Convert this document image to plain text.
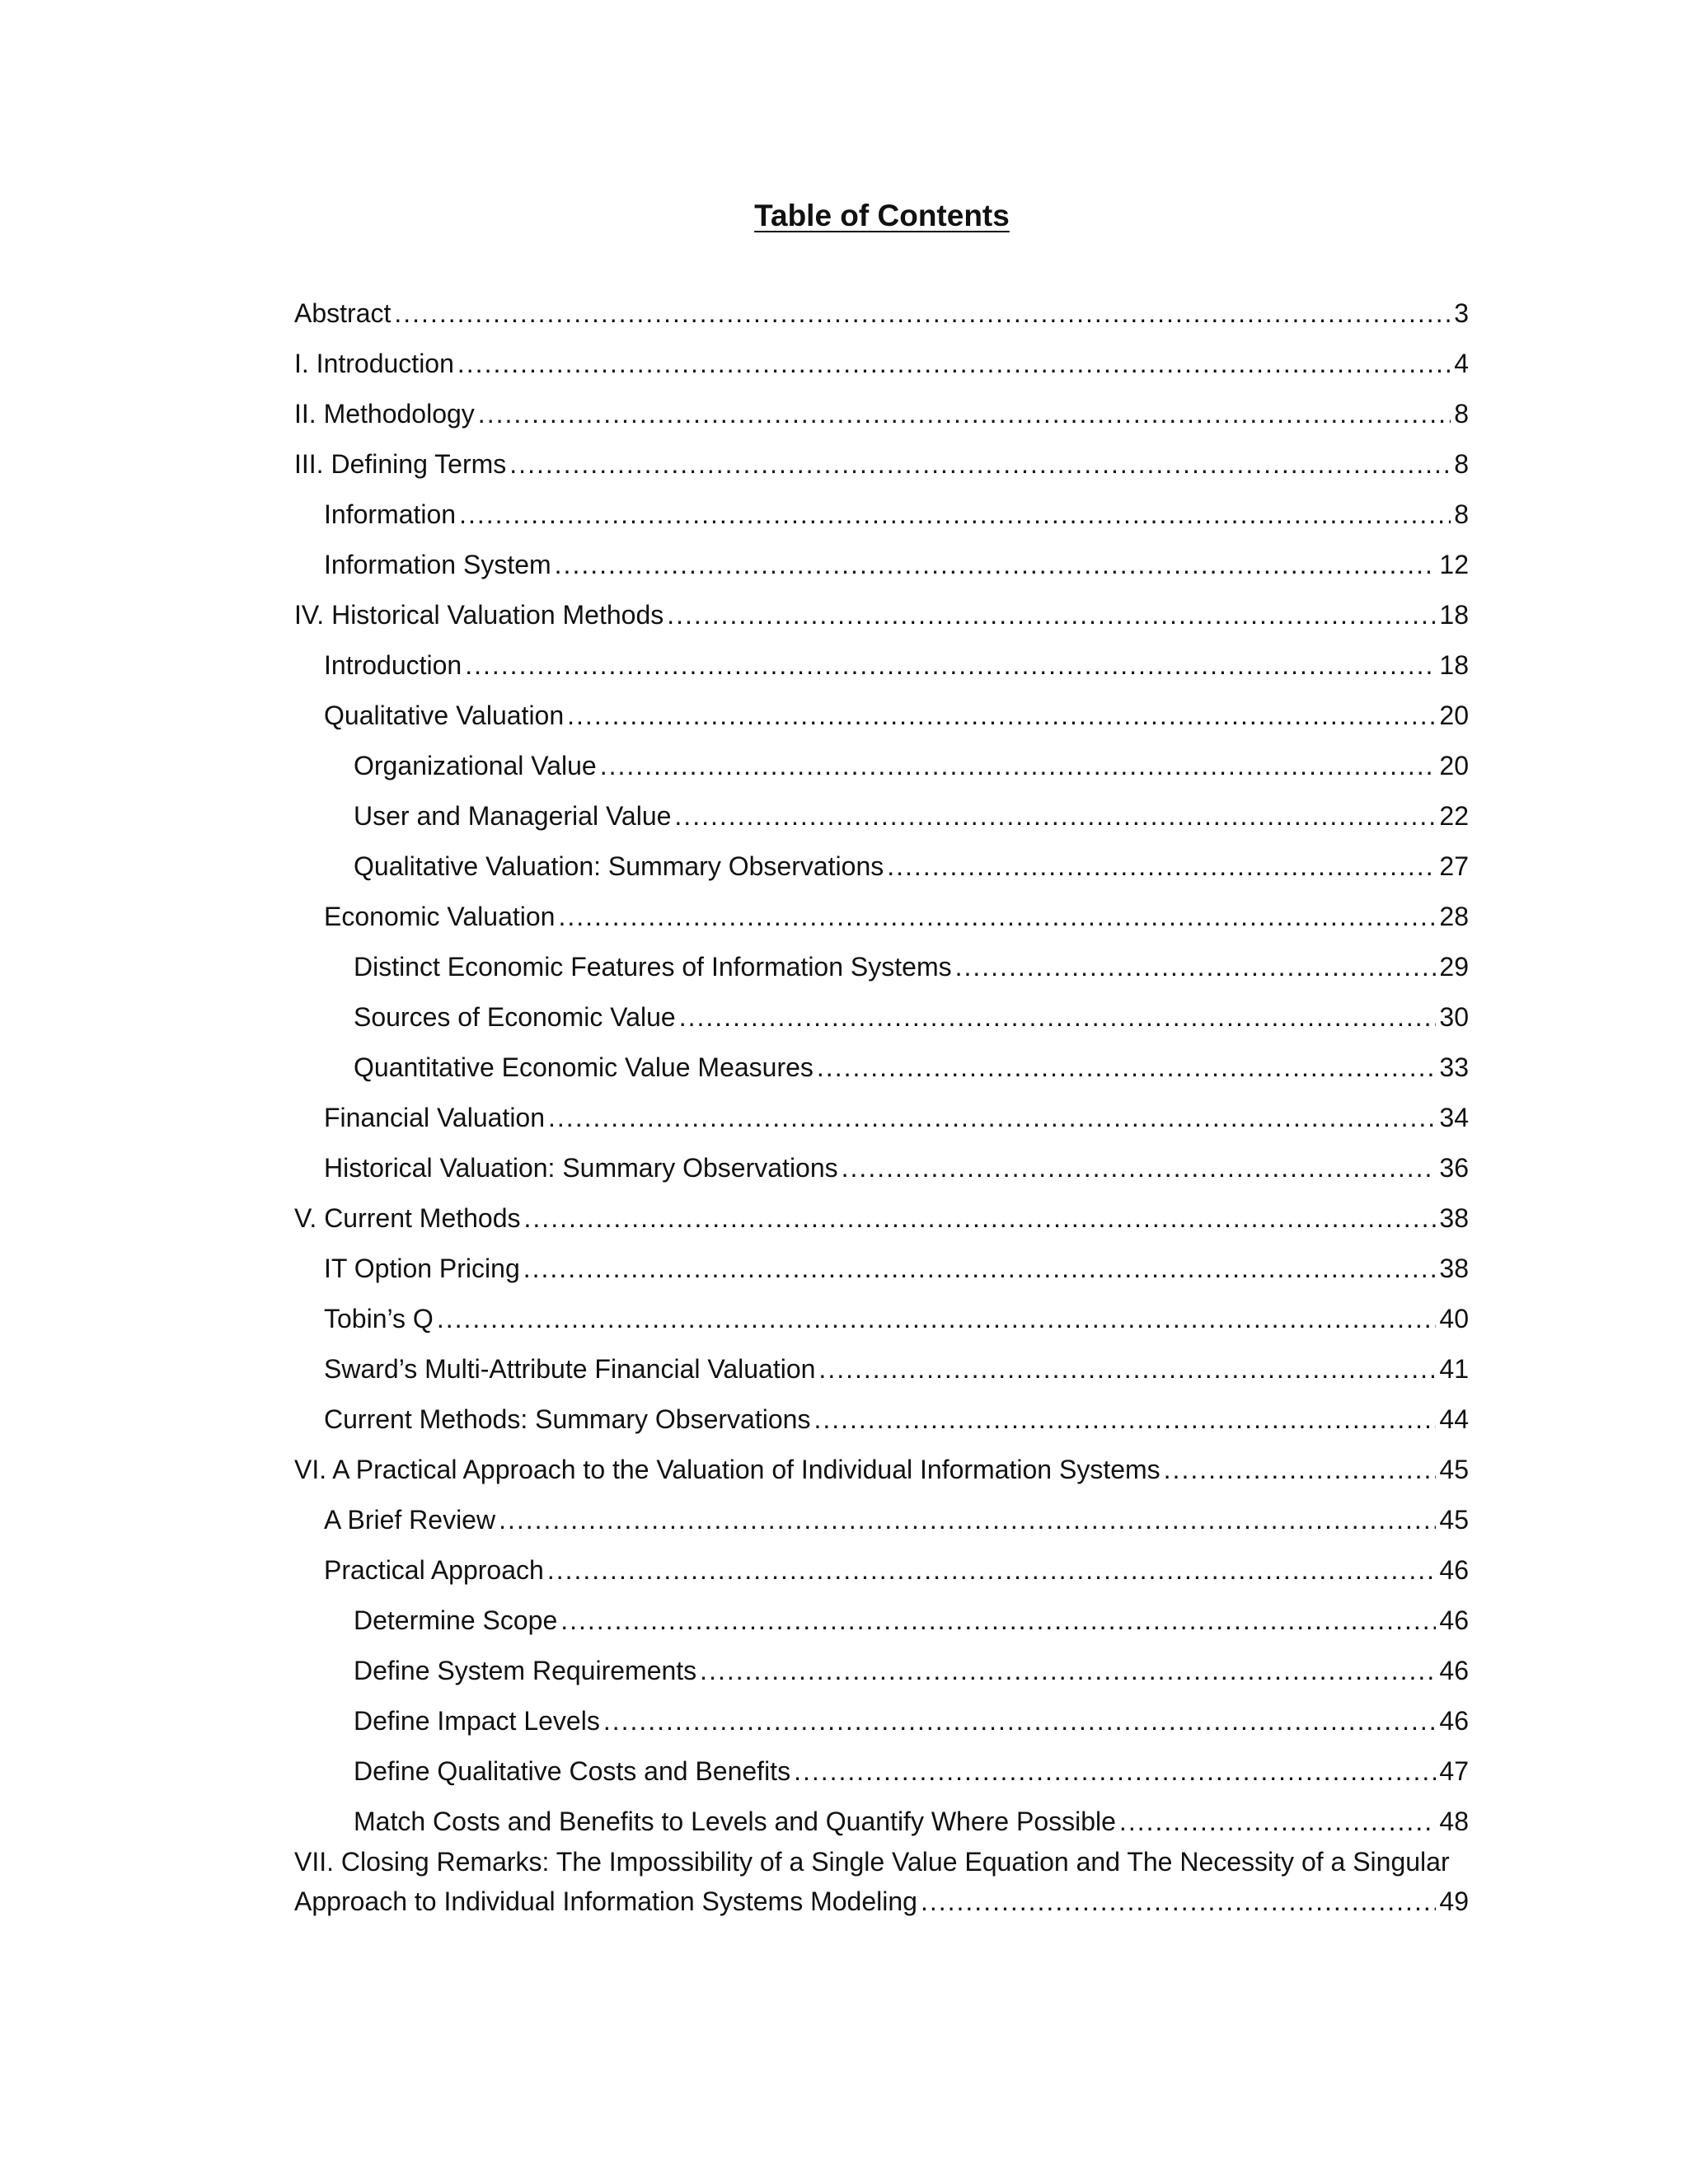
Table of Contents
Abstract .....	3
I. Introduction .....	4
II. Methodology .....	8
III. Defining Terms .....	8
Information .....	8
Information System .....	12
IV. Historical Valuation Methods .....	18
Introduction .....	18
Qualitative Valuation .....	20
Organizational Value .....	20
User and Managerial Value .....	22
Qualitative Valuation: Summary Observations .....	27
Economic Valuation .....	28
Distinct Economic Features of Information Systems .....	29
Sources of Economic Value .....	30
Quantitative Economic Value Measures .....	33
Financial Valuation .....	34
Historical Valuation: Summary Observations .....	36
V. Current Methods .....	38
IT Option Pricing .....	38
Tobin’s Q .....	40
Sward’s Multi-Attribute Financial Valuation .....	41
Current Methods: Summary Observations .....	44
VI. A Practical Approach to the Valuation of Individual Information Systems .....	45
A Brief Review .....	45
Practical Approach .....	46
Determine Scope .....	46
Define System Requirements .....	46
Define Impact Levels .....	46
Define Qualitative Costs and Benefits .....	47
Match Costs and Benefits to Levels and Quantify Where Possible .....	48
VII. Closing Remarks: The Impossibility of a Single Value Equation and The Necessity of a Singular
Approach to Individual Information Systems Modeling .....	49
